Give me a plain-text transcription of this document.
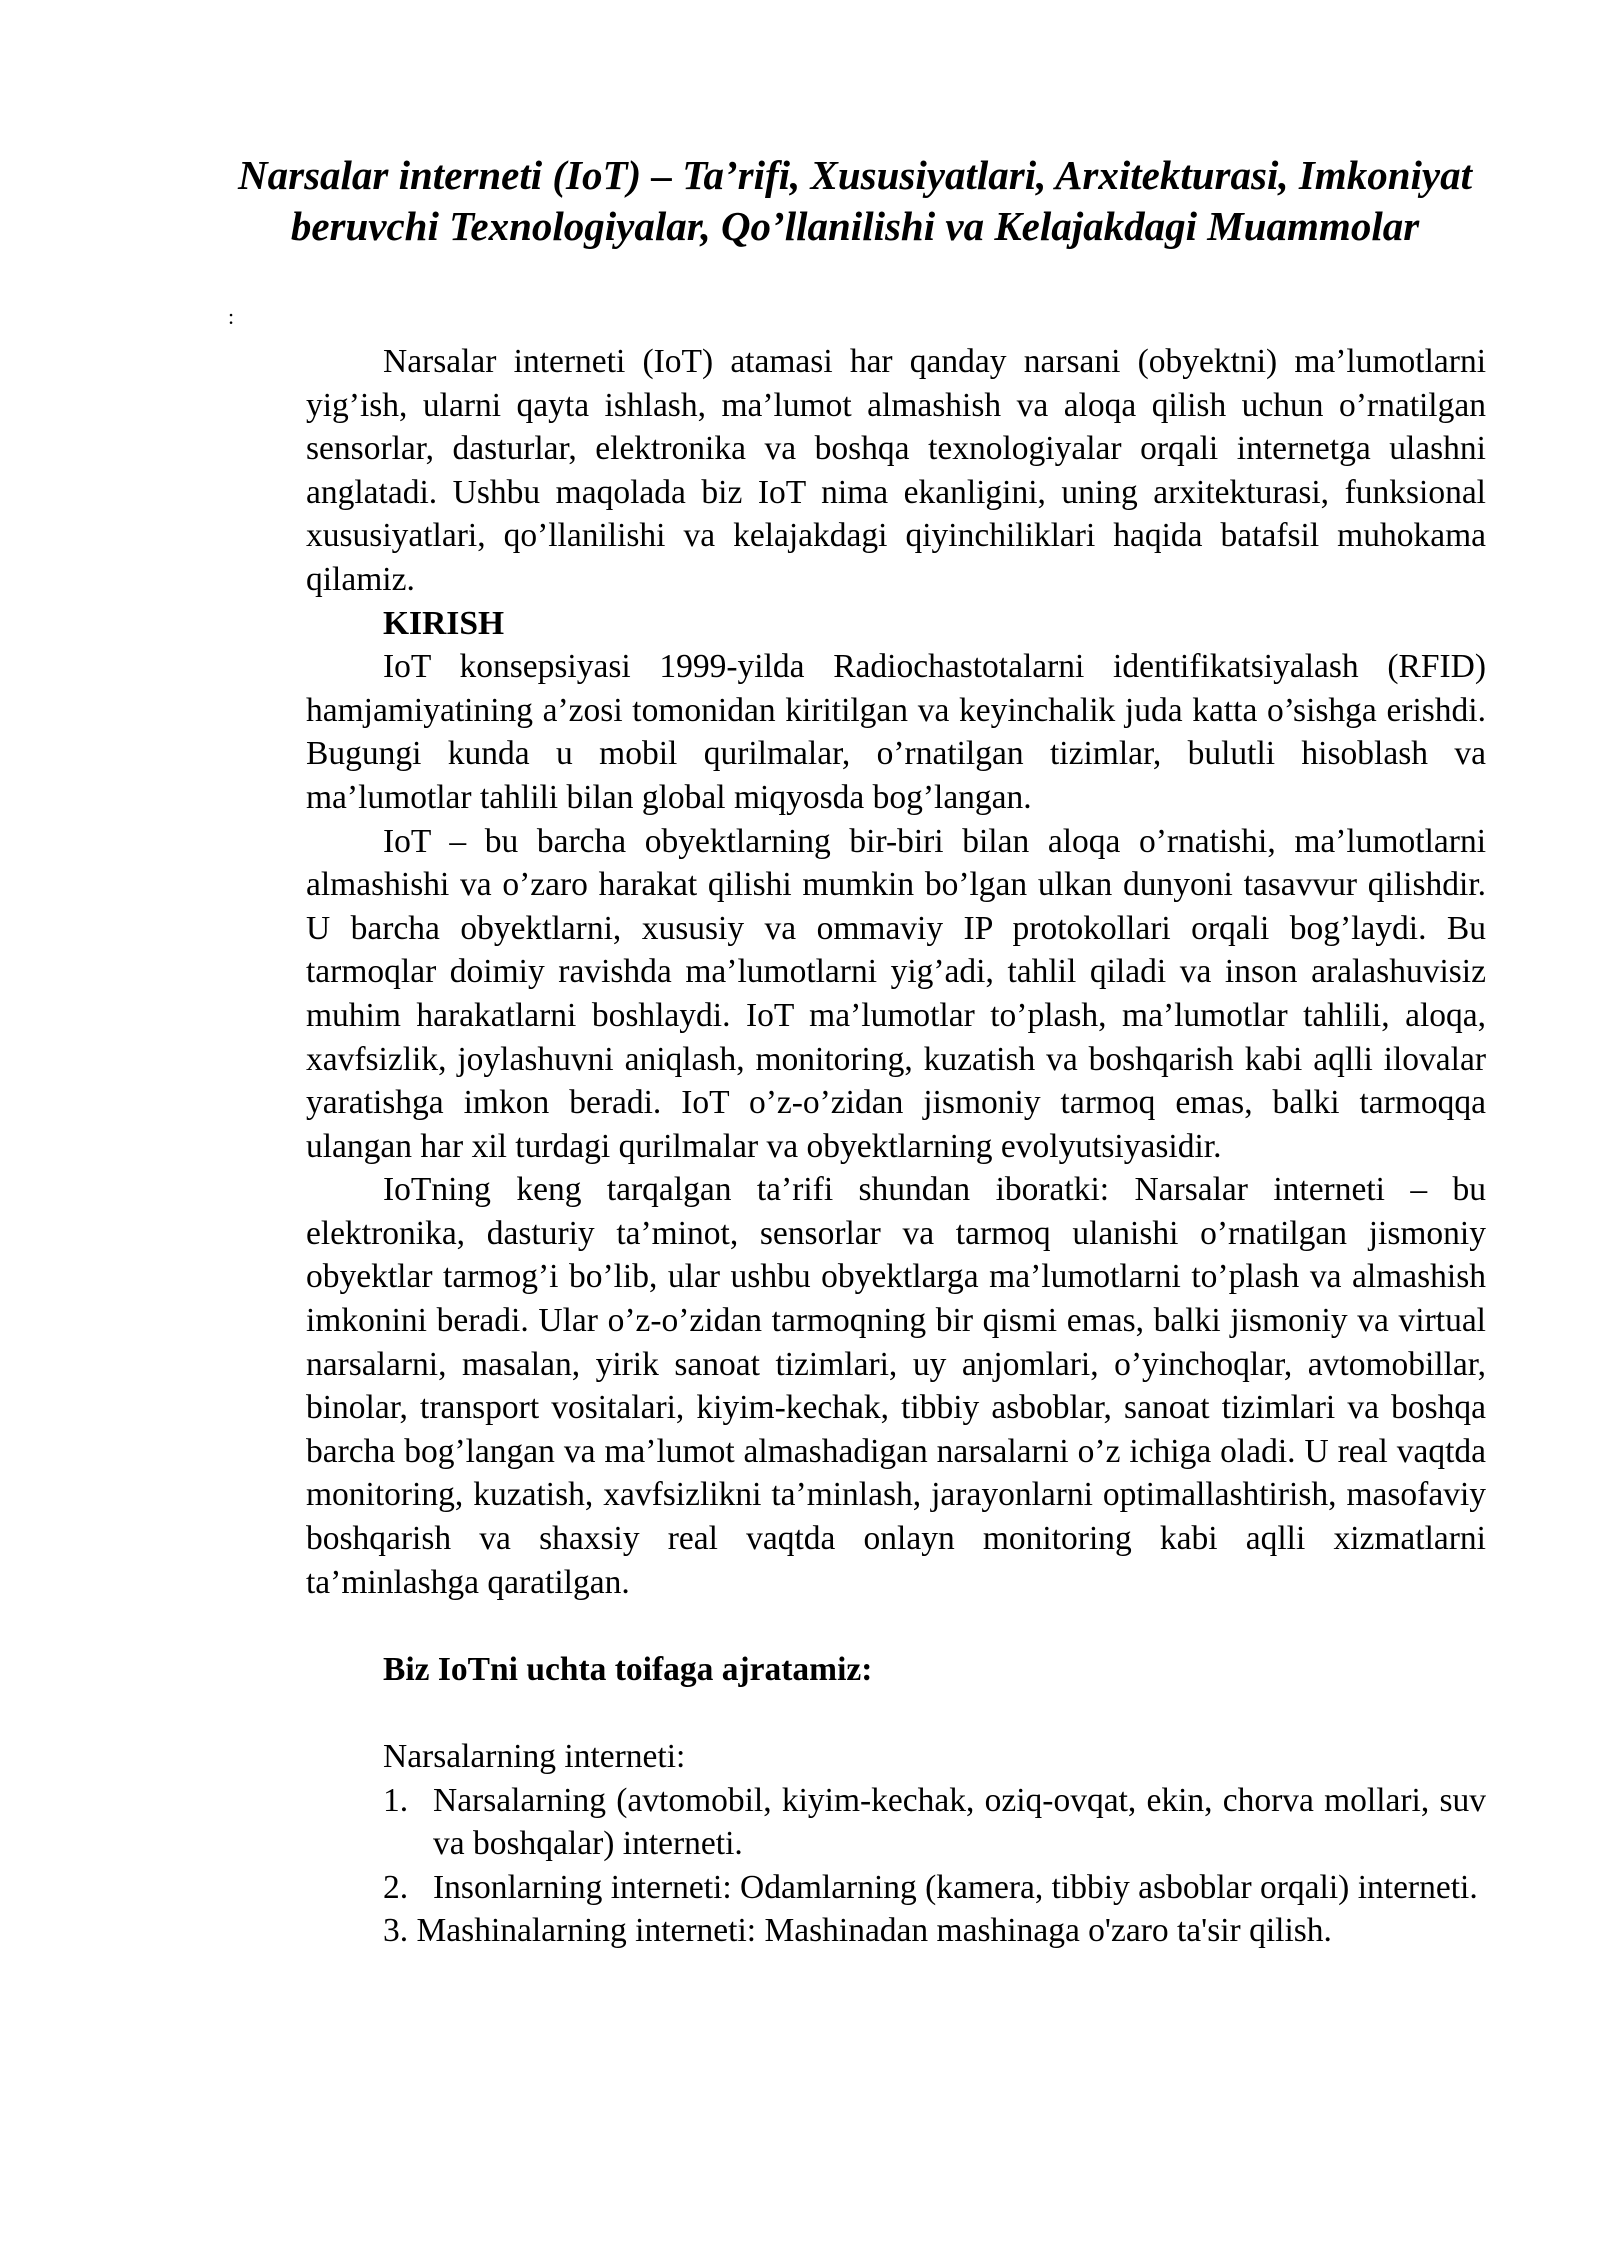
Narsalar interneti (IoT) – Ta’rifi, Xususiyatlari, Arxitekturasi, Imkoniyat beruvchi Texnologiyalar, Qo’llanilishi va Kelajakdagi Muammolar
:

Narsalar interneti (IoT) atamasi har qanday narsani (obyektni) ma’lumotlarni yig’ish, ularni qayta ishlash, ma’lumot almashish va aloqa qilish uchun o’rnatilgan sensorlar, dasturlar, elektronika va boshqa texnologiyalar orqali internetga ulashni anglatadi. Ushbu maqolada biz IoT nima ekanligini, uning arxitekturasi, funksional xususiyatlari, qo’llanilishi va kelajakdagi qiyinchiliklari haqida batafsil muhokama qilamiz.

KIRISH

IoT konsepsiyasi 1999-yilda Radiochastotalarni identifikatsiyalash (RFID) hamjamiyatining a’zosi tomonidan kiritilgan va keyinchalik juda katta o’sishga erishdi. Bugungi kunda u mobil qurilmalar, o’rnatilgan tizimlar, bulutli hisoblash va ma’lumotlar tahlili bilan global miqyosda bog’langan.

IoT – bu barcha obyektlarning bir-biri bilan aloqa o’rnatishi, ma’lumotlarni almashishi va o’zaro harakat qilishi mumkin bo’lgan ulkan dunyoni tasavvur qilishdir. U barcha obyektlarni, xususiy va ommaviy IP protokollari orqali bog’laydi. Bu tarmoqlar doimiy ravishda ma’lumotlarni yig’adi, tahlil qiladi va inson aralashuvisiz muhim harakatlarni boshlaydi. IoT ma’lumotlar to’plash, ma’lumotlar tahlili, aloqa, xavfsizlik, joylashuvni aniqlash, monitoring, kuzatish va boshqarish kabi aqlli ilovalar yaratishga imkon beradi. IoT o’z-o’zidan jismoniy tarmoq emas, balki tarmoqqa ulangan har xil turdagi qurilmalar va obyektlarning evolyutsiyasidir.

IoTning keng tarqalgan ta’rifi shundan iboratki: Narsalar interneti – bu elektronika, dasturiy ta’minot, sensorlar va tarmoq ulanishi o’rnatilgan jismoniy obyektlar tarmog’i bo’lib, ular ushbu obyektlarga ma’lumotlarni to’plash va almashish imkonini beradi. Ular o’z-o’zidan tarmoqning bir qismi emas, balki jismoniy va virtual narsalarni, masalan, yirik sanoat tizimlari, uy anjomlari, o’yinchoqlar, avtomobillar, binolar, transport vositalari, kiyim-kechak, tibbiy asboblar, sanoat tizimlari va boshqa barcha bog’langan va ma’lumot almashadigan narsalarni o’z ichiga oladi. U real vaqtda monitoring, kuzatish, xavfsizlikni ta’minlash, jarayonlarni optimallashtirish, masofaviy boshqarish va shaxsiy real vaqtda onlayn monitoring kabi aqlli xizmatlarni ta’minlashga qaratilgan.

Biz IoTni uchta toifaga ajratamiz:

Narsalarning interneti:

1. Narsalarning (avtomobil, kiyim-kechak, oziq-ovqat, ekin, chorva mollari, suv va boshqalar) interneti.
2. Insonlarning interneti: Odamlarning (kamera, tibbiy asboblar orqali) interneti.
3. Mashinalarning interneti: Mashinadan mashinaga o'zaro ta'sir qilish.
